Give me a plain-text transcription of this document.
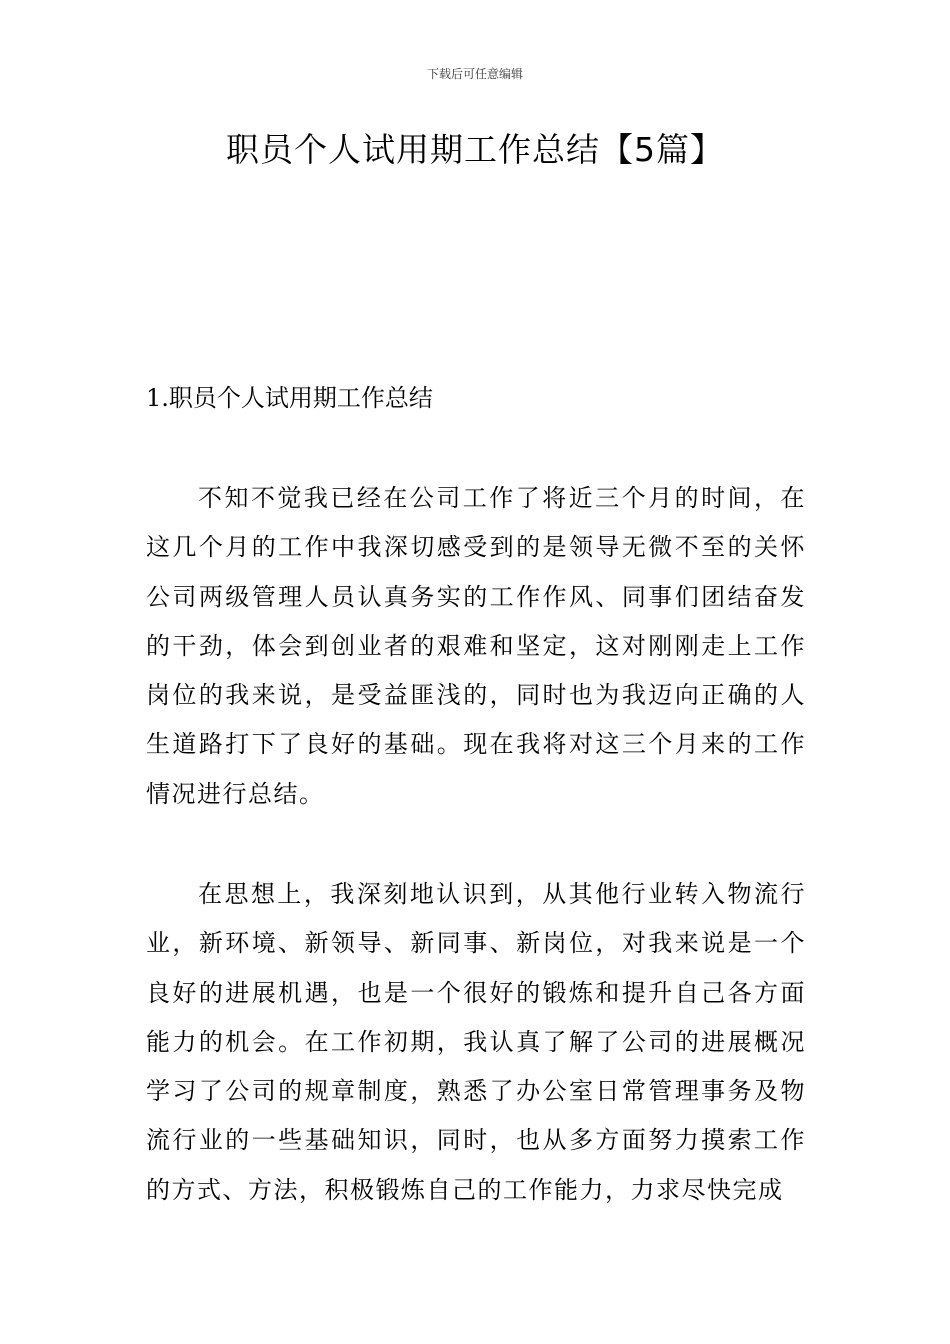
下载后可任意编辑
职员个人试用期工作总结【5篇】
1.职员个人试用期工作总结

不知不觉我已经在公司工作了将近三个月的时间，在这几个月的工作中我深切感受到的是领导无微不至的关怀公司两级管理人员认真务实的工作作风、同事们团结奋发的干劲，体会到创业者的艰难和坚定，这对刚刚走上工作岗位的我来说，是受益匪浅的，同时也为我迈向正确的人生道路打下了良好的基础。现在我将对这三个月来的工作情况进行总结。

在思想上，我深刻地认识到，从其他行业转入物流行业，新环境、新领导、新同事、新岗位，对我来说是一个良好的进展机遇，也是一个很好的锻炼和提升自己各方面能力的机会。在工作初期，我认真了解了公司的进展概况学习了公司的规章制度，熟悉了办公室日常管理事务及物流行业的一些基础知识，同时，也从多方面努力摸索工作的方式、方法，积极锻炼自己的工作能力，力求尽快完成
